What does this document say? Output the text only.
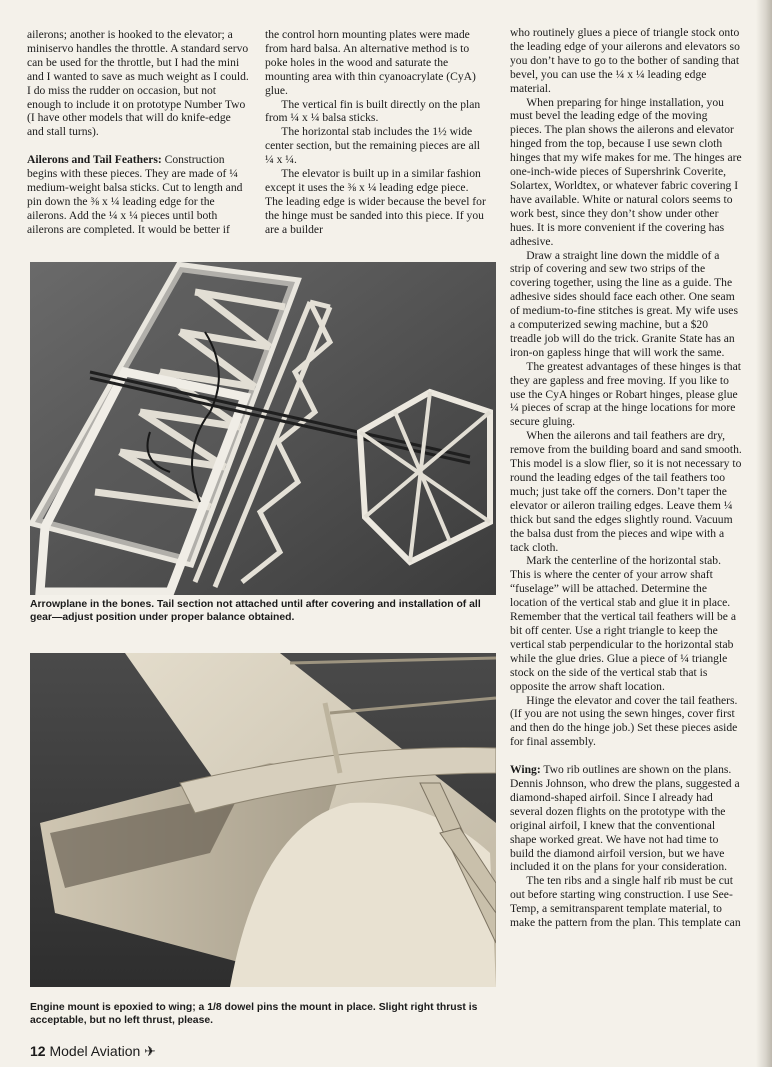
ailerons; another is hooked to the elevator; a miniservo handles the throttle. A standard servo can be used for the throttle, but I had the mini and I wanted to save as much weight as I could. I do miss the rudder on occasion, but not enough to include it on prototype Number Two (I have other models that will do knife-edge and stall turns).

Ailerons and Tail Feathers: Construction begins with these pieces. They are made of ¼ medium-weight balsa sticks. Cut to length and pin down the ⅜ x ¼ leading edge for the ailerons. Add the ¼ x ¼ pieces until both ailerons are completed. It would be better if

the control horn mounting plates were made from hard balsa. An alternative method is to poke holes in the wood and saturate the mounting area with thin cyanoacrylate (CyA) glue.

The vertical fin is built directly on the plan from ¼ x ¼ balsa sticks.

The horizontal stab includes the 1½ wide center section, but the remaining pieces are all ¼ x ¼.

The elevator is built up in a similar fashion except it uses the ⅜ x ¼ leading edge piece. The leading edge is wider because the bevel for the hinge must be sanded into this piece. If you are a builder

who routinely glues a piece of triangle stock onto the leading edge of your ailerons and elevators so you don’t have to go to the bother of sanding that bevel, you can use the ¼ x ¼ leading edge material.

When preparing for hinge installation, you must bevel the leading edge of the moving pieces. The plan shows the ailerons and elevator hinged from the top, because I use sewn cloth hinges that my wife makes for me. The hinges are one-inch-wide pieces of Supershrink Coverite, Solartex, Worldtex, or whatever fabric covering I have available. White or natural colors seems to work best, since they don’t show under other hues. It is more convenient if the covering has adhesive.

Draw a straight line down the middle of a strip of covering and sew two strips of the covering together, using the line as a guide. The adhesive sides should face each other. One seam of medium-to-fine stitches is great. My wife uses a computerized sewing machine, but a $20 treadle job will do the trick. Granite State has an iron-on gapless hinge that will work the same.

The greatest advantages of these hinges is that they are gapless and free moving. If you like to use the CyA hinges or Robart hinges, please glue ¼ pieces of scrap at the hinge locations for more secure gluing.

When the ailerons and tail feathers are dry, remove from the building board and sand smooth. This model is a slow flier, so it is not necessary to round the leading edges of the tail feathers too much; just take off the corners. Don’t taper the elevator or aileron trailing edges. Leave them ¼ thick but sand the edges slightly round. Vacuum the balsa dust from the pieces and wipe with a tack cloth.

Mark the centerline of the horizontal stab. This is where the center of your arrow shaft “fuselage” will be attached. Determine the location of the vertical stab and glue it in place. Remember that the vertical tail feathers will be a bit off center. Use a right triangle to keep the vertical stab perpendicular to the horizontal stab while the glue dries. Glue a piece of ¼ triangle stock on the side of the vertical stab that is opposite the arrow shaft location.

Hinge the elevator and cover the tail feathers. (If you are not using the sewn hinges, cover first and then do the hinge job.) Set these pieces aside for final assembly.

Wing: Two rib outlines are shown on the plans. Dennis Johnson, who drew the plans, suggested a diamond-shaped airfoil. Since I already had several dozen flights on the prototype with the original airfoil, I knew that the conventional shape worked great. We have not had time to build the diamond airfoil version, but we have included it on the plans for your consideration.

The ten ribs and a single half rib must be cut out before starting wing construction. I use See-Temp, a semitransparent template material, to make the pattern from the plan. This template can

Arrowplane in the bones. Tail section not attached until after covering and installation of all gear—adjust position under proper balance obtained.
Engine mount is epoxied to wing; a 1/8 dowel pins the mount in place. Slight right thrust is acceptable, but no left thrust, please.
12 Model Aviation ✈
